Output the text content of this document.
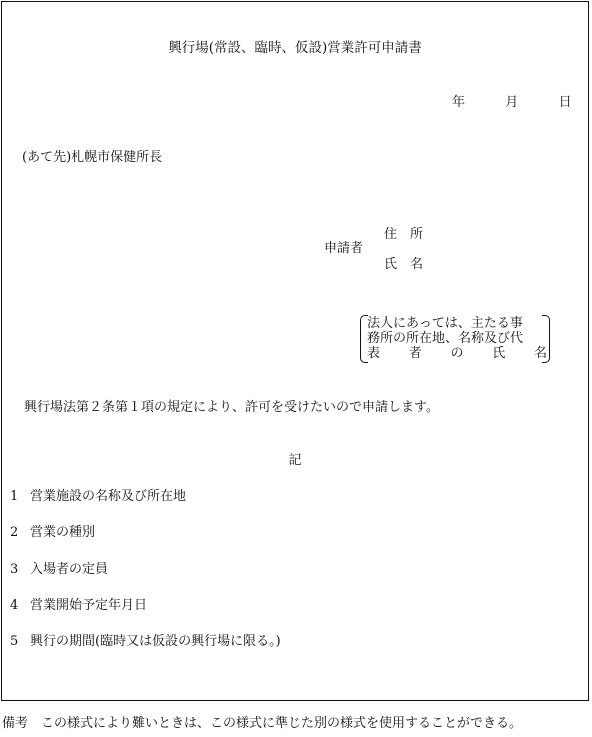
興行場(常設、臨時、仮設)営業許可申請書
年	月	日
(あて先)札幌市保健所長
申請者
住　所
氏　名
法人にあっては、主たる事
務所の所在地、名称及び代
表 者 の 氏 名
興行場法第２条第１項の規定により、許可を受けたいので申請します。
記
1 営業施設の名称及び所在地
2 営業の種別
3 入場者の定員
4 営業開始予定年月日
5 興行の期間(臨時又は仮設の興行場に限る。)
備考　この様式により難いときは、この様式に準じた別の様式を使用することができる。
